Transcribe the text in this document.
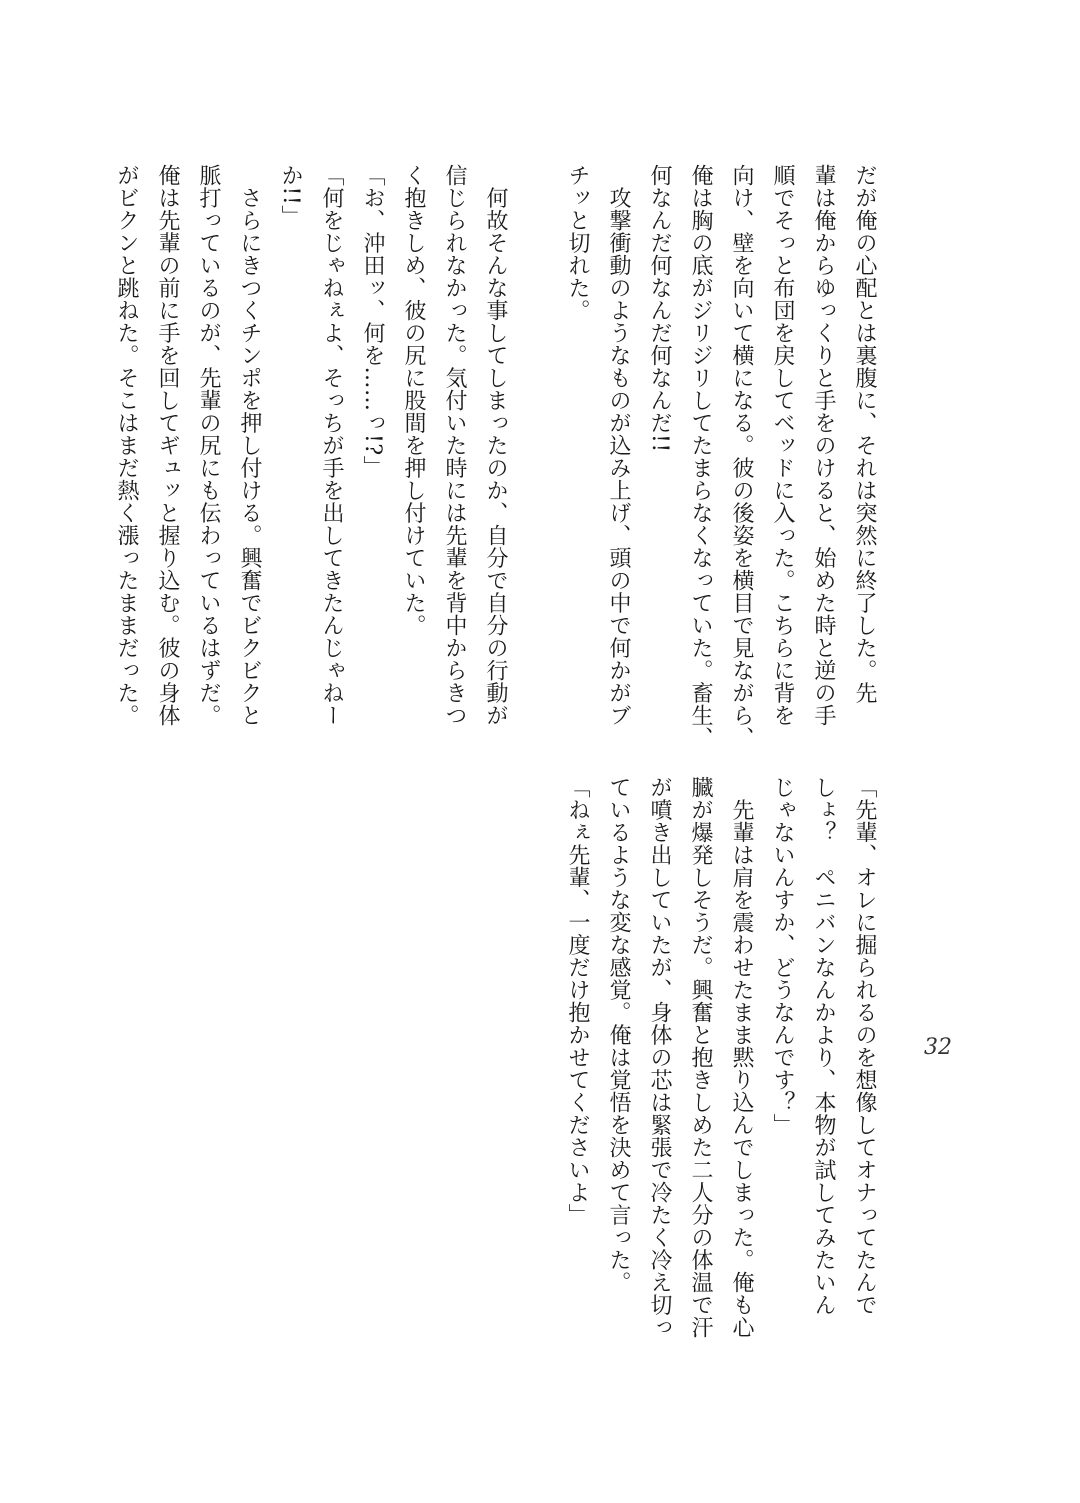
だが俺の心配とは裏腹に、それは突然に終了した。先
輩は俺からゆっくりと手をのけると、始めた時と逆の手
順でそっと布団を戻してベッドに入った。こちらに背を
向け、壁を向いて横になる。彼の後姿を横目で見ながら、
俺は胸の底がジリジリしてたまらなくなっていた。畜生、
何なんだ何なんだ何なんだ!!
　攻撃衝動のようなものが込み上げ、頭の中で何かがブ
チッと切れた。
　何故そんな事してしまったのか、自分で自分の行動が
信じられなかった。気付いた時には先輩を背中からきつ
く抱きしめ、彼の尻に股間を押し付けていた。
「お、沖田ッ、何を……っ!?」
「何をじゃねぇよ、そっちが手を出してきたんじゃねー
か!!」
　さらにきつくチンポを押し付ける。興奮でビクビクと
脈打っているのが、先輩の尻にも伝わっているはずだ。
俺は先輩の前に手を回してギュッと握り込む。彼の身体
がビクンと跳ねた。そこはまだ熱く漲ったままだった。
「先輩、オレに掘られるのを想像してオナってたんで
しょ？　ペニバンなんかより、本物が試してみたいん
じゃないんすか、どうなんです？」
　先輩は肩を震わせたまま黙り込んでしまった。俺も心
臓が爆発しそうだ。興奮と抱きしめた二人分の体温で汗
が噴き出していたが、身体の芯は緊張で冷たく冷え切っ
ているような変な感覚。俺は覚悟を決めて言った。
「ねぇ先輩、一度だけ抱かせてくださいよ」	32
